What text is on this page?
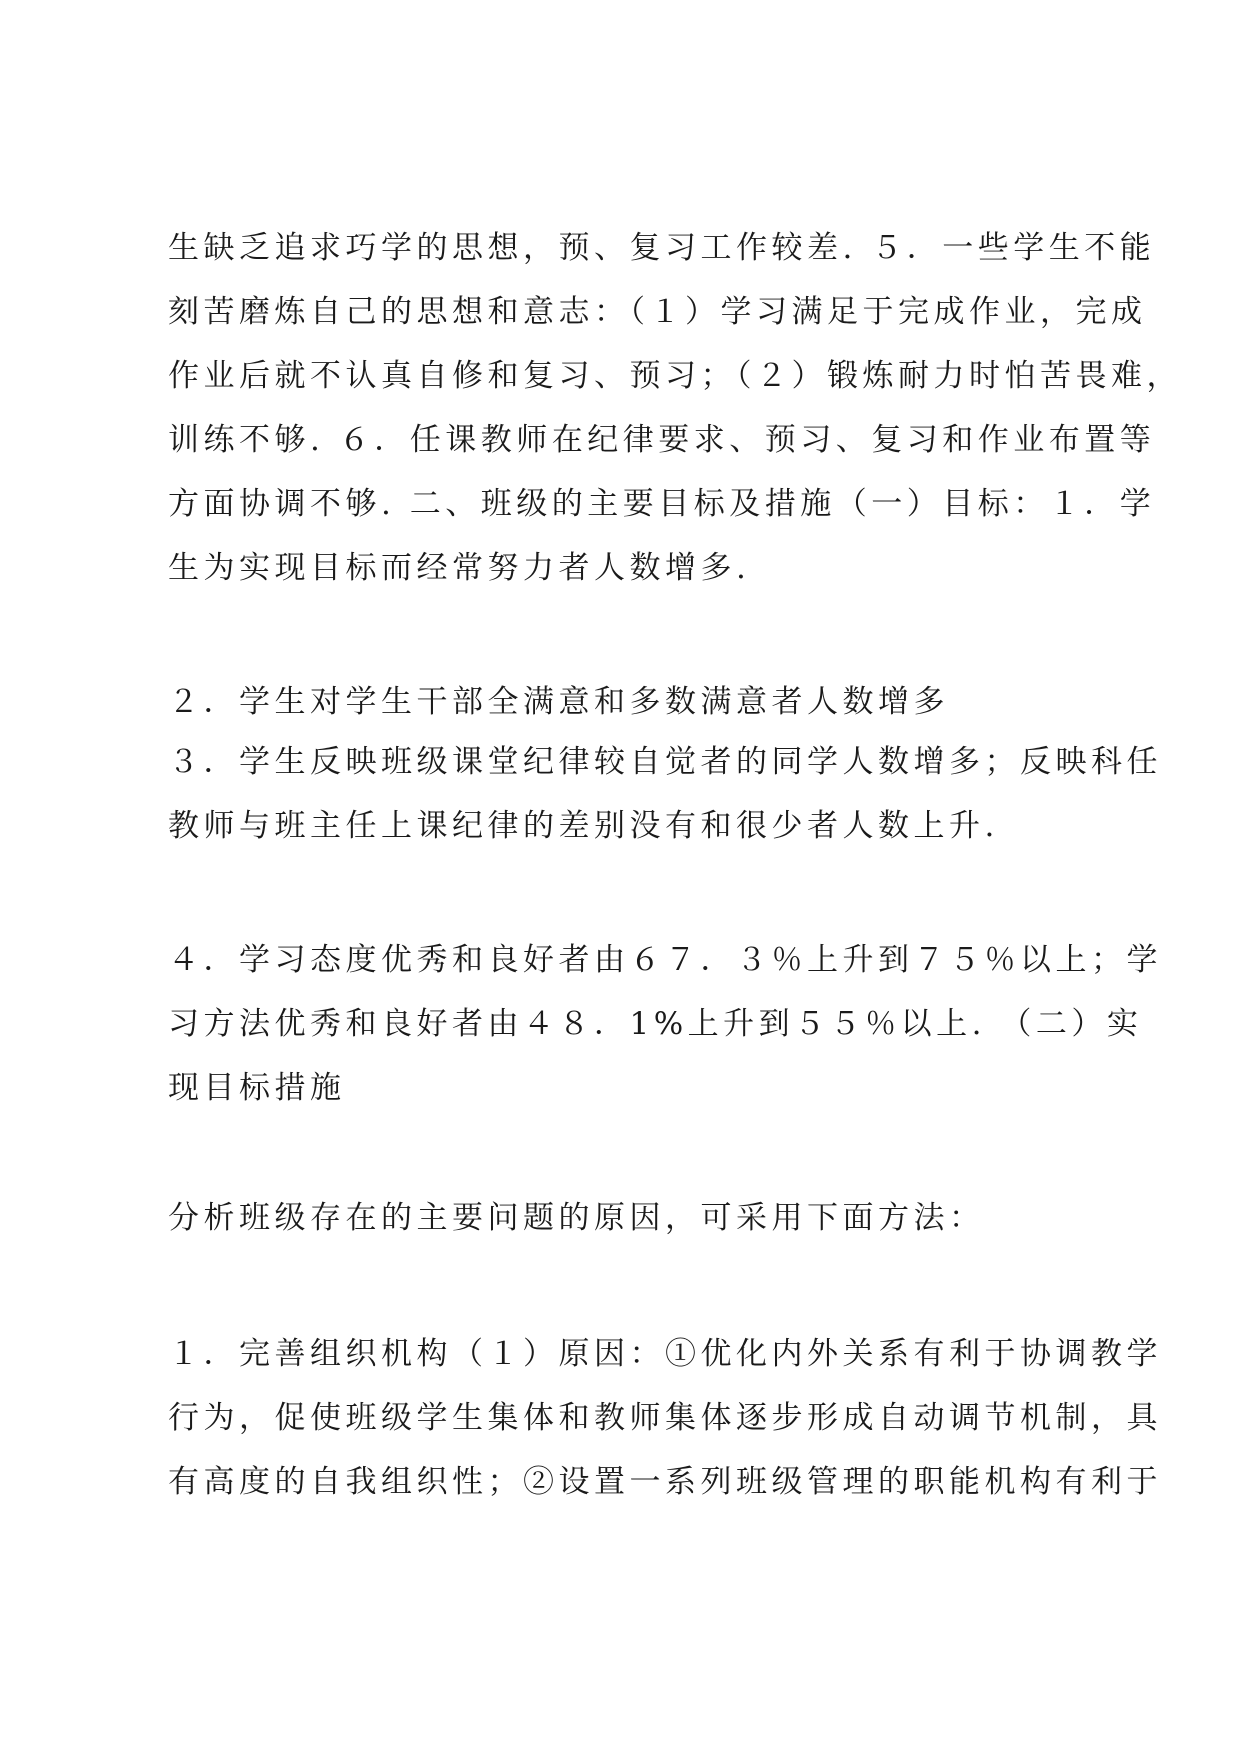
生缺乏追求巧学的思想，预、复习工作较差. ５．一些学生不能
刻苦磨炼自己的思想和意志：（１）学习满足于完成作业，完成
作业后就不认真自修和复习、预习；（２）锻炼耐力时怕苦畏难，
训练不够. ６．任课教师在纪律要求、预习、复习和作业布置等
方面协调不够. 二、班级的主要目标及措施（一）目标：１．学
生为实现目标而经常努力者人数增多.
２．学生对学生干部全满意和多数满意者人数增多
３．学生反映班级课堂纪律较自觉者的同学人数增多；反映科任
教师与班主任上课纪律的差别没有和很少者人数上升.
４．学习态度优秀和良好者由６７．３％上升到７５％以上；学
习方法优秀和良好者由４８．1%上升到５５％以上. （二）实
现目标措施
分析班级存在的主要问题的原因，可采用下面方法：
１．完善组织机构（１）原因：①优化内外关系有利于协调教学
行为，促使班级学生集体和教师集体逐步形成自动调节机制，具
有高度的自我组织性；②设置一系列班级管理的职能机构有利于
